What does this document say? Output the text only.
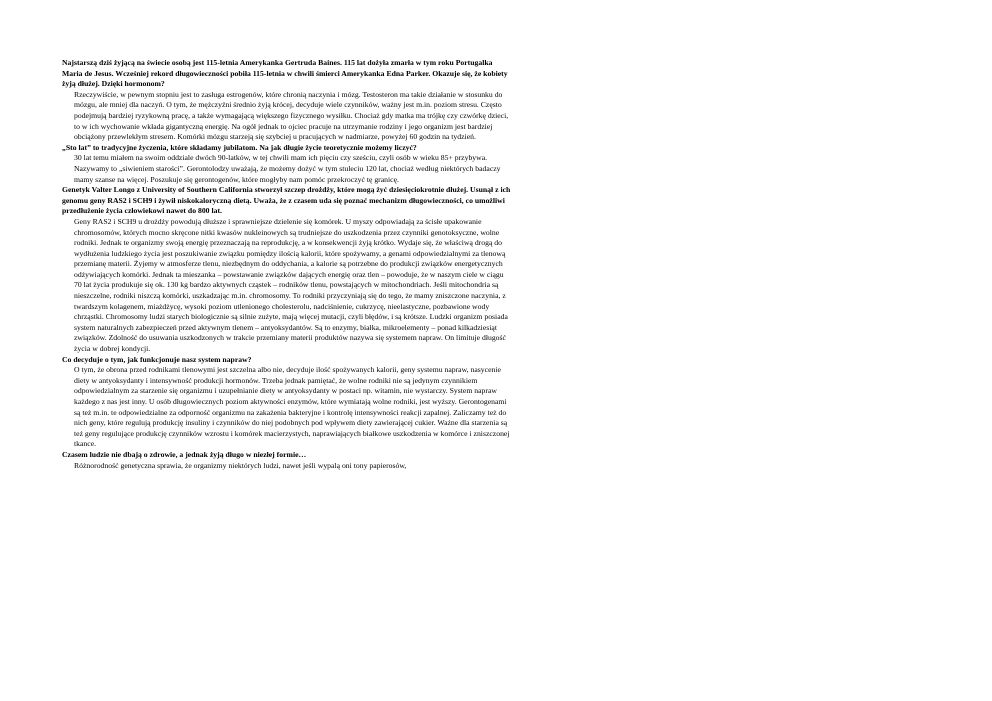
Najstarszą dziś żyjącą na świecie osobą jest 115-letnia Amerykanka Gertruda Baines. 115 lat dożyła zmarła w tym roku Portugalka Maria de Jesus. Wcześniej rekord długowieczności pobiła 115-letnia w chwili śmierci Amerykanka Edna Parker. Okazuje się, że kobiety żyją dłużej. Dzięki hormonom?

Rzeczywiście, w pewnym stopniu jest to zasługa estrogenów, które chronią naczynia i mózg. Testosteron ma takie działanie w stosunku do mózgu, ale mniej dla naczyń. O tym, że mężczyźni średnio żyją krócej, decyduje wiele czynników, ważny jest m.in. poziom stresu. Często podejmują bardziej ryzykowną pracę, a także wymagającą większego fizycznego wysiłku. Chociaż gdy matka ma trójkę czy czwórkę dzieci, to w ich wychowanie wkłada gigantyczną energię. Na ogół jednak to ojciec pracuje na utrzymanie rodziny i jego organizm jest bardziej obciążony przewlekłym stresem. Komórki mózgu starzeją się szybciej u pracujących w nadmiarze, powyżej 60 godzin na tydzień.

„Sto lat” to tradycyjne życzenia, które składamy jubilatom. Na jak długie życie teoretycznie możemy liczyć?

30 lat temu miałem na swoim oddziale dwóch 90-latków, w tej chwili mam ich pięciu czy sześciu, czyli osób w wieku 85+ przybywa. Nazywamy to „siwieniem starości”. Gerontolodzy uważają, że możemy dożyć w tym stuleciu 120 lat, chociaż według niektórych badaczy mamy szanse na więcej. Poszukuje się gerontogenów, które mogłyby nam pomóc przekroczyć tę granicę.

Genetyk Valter Longo z University of Southern California stworzył szczep drożdży, które mogą żyć dziesięciokrotnie dłużej. Usunął z ich genomu geny RAS2 i SCH9 i żywił niskokaloryczną dietą. Uważa, że z czasem uda się poznać mechanizm długowieczności, co umożliwi przedłużenie życia człowiekowi nawet do 800 lat.

Geny RAS2 i SCH9 u drożdży powodują dłuższe i sprawniejsze dzielenie się komórek. U myszy odpowiadają za ścisłe upakowanie chromosomów, których mocno skręcone nitki kwasów nukleinowych są trudniejsze do uszkodzenia przez czynniki genotoksyczne, wolne rodniki. Jednak te organizmy swoją energię przeznaczają na reprodukcję, a w konsekwencji żyją krótko. Wydaje się, że właściwą drogą do wydłużenia ludzkiego życia jest poszukiwanie związku pomiędzy ilością kalorii, które spożywamy, a genami odpowiedzialnymi za tlenową przemianę materii. Żyjemy w atmosferze tlenu, niezbędnym do oddychania, a kalorie są potrzebne do produkcji związków energetycznych odżywiających komórki. Jednak ta mieszanka – powstawanie związków dających energię oraz tlen – powoduje, że w naszym ciele w ciągu 70 lat życia produkuje się ok. 130 kg bardzo aktywnych cząstek – rodników tlenu, powstających w mitochondriach. Jeśli mitochondria są nieszczelne, rodniki niszczą komórki, uszkadzając m.in. chromosomy. To rodniki przyczyniają się do tego, że mamy zniszczone naczynia, z twardszym kolagenem, miażdżycę, wysoki poziom utlenionego cholesterolu, nadciśnienie, cukrzycę, nieelastyczne, pozbawione wody chrząstki. Chromosomy ludzi starych biologicznie są silnie zużyte, mają więcej mutacji, czyli błędów, i są krótsze. Ludzki organizm posiada system naturalnych zabezpieczeń przed aktywnym tlenem – antyoksydantów. Są to enzymy, białka, mikroelementy – ponad kilkadziesiąt związków. Zdolność do usuwania uszkodzonych w trakcie przemiany materii produktów nazywa się systemem napraw. On limituje długość życia w dobrej kondycji.

Co decyduje o tym, jak funkcjonuje nasz system napraw?

O tym, że obrona przed rodnikami tlenowymi jest szczelna albo nie, decyduje ilość spożywanych kalorii, geny systemu napraw, nasycenie diety w antyoksydanty i intensywność produkcji hormonów. Trzeba jednak pamiętać, że wolne rodniki nie są jedynym czynnikiem odpowiedzialnym za starzenie się organizmu i uzupełnianie diety w antyoksydanty w postaci np. witamin, nie wystarczy. System napraw każdego z nas jest inny. U osób długowiecznych poziom aktywności enzymów, które wymiatają wolne rodniki, jest wyższy. Gerontogenami są też m.in. te odpowiedzialne za odporność organizmu na zakażenia bakteryjne i kontrolę intensywności reakcji zapalnej. Zaliczamy też do nich geny, które regulują produkcję insuliny i czynników do niej podobnych pod wpływem diety zawierającej cukier. Ważne dla starzenia są też geny regulujące produkcję czynników wzrostu i komórek macierzystych, naprawiających białkowe uszkodzenia w komórce i zniszczonej tkance.

Czasem ludzie nie dbają o zdrowie, a jednak żyją długo w niezłej formie…

Różnorodność genetyczna sprawia, że organizmy niektórych ludzi, nawet jeśli wypalą oni tony papierosów,
